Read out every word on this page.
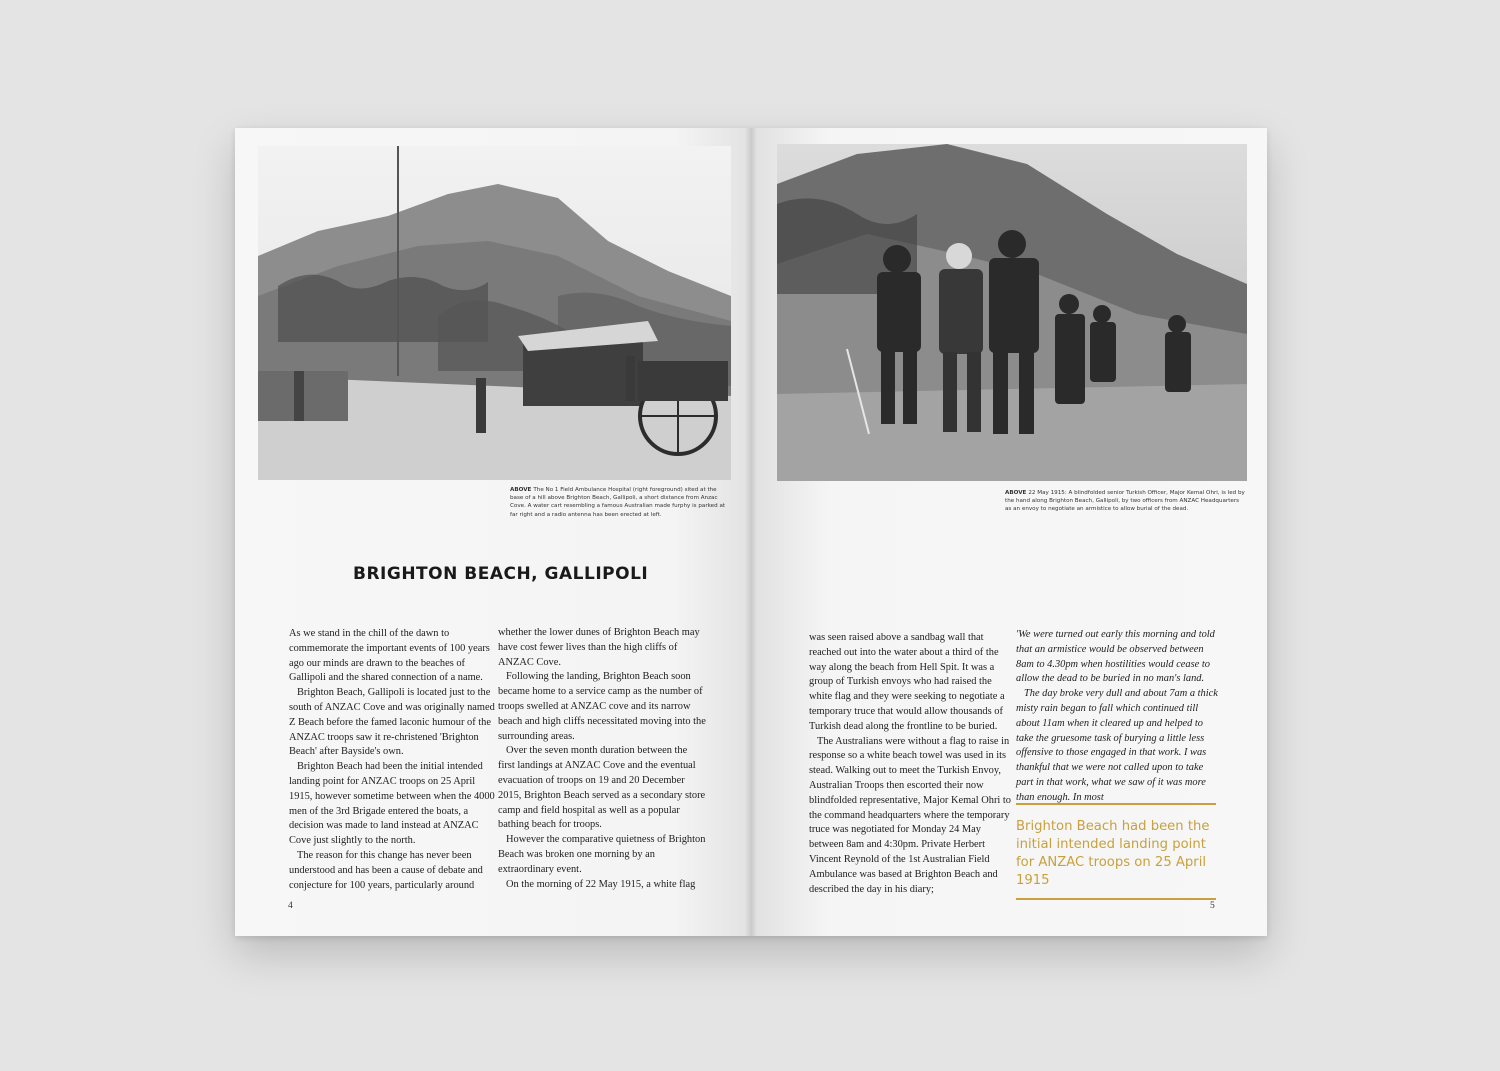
ABOVE The No 1 Field Ambulance Hospital (right foreground) sited at the base of a hill above Brighton Beach, Gallipoli, a short distance from Anzac Cove. A water cart resembling a famous Australian made furphy is parked at far right and a radio antenna has been erected at left.
BRIGHTON BEACH, GALLIPOLI

As we stand in the chill of the dawn to commemorate the important events of 100 years ago our minds are drawn to the beaches of Gallipoli and the shared connection of a name.

Brighton Beach, Gallipoli is located just to the south of ANZAC Cove and was originally named Z Beach before the famed laconic humour of the ANZAC troops saw it re-christened 'Brighton Beach' after Bayside's own.

Brighton Beach had been the initial intended landing point for ANZAC troops on 25 April 1915, however sometime between when the 4000 men of the 3rd Brigade entered the boats, a decision was made to land instead at ANZAC Cove just slightly to the north.

The reason for this change has never been understood and has been a cause of debate and conjecture for 100 years, particularly around

whether the lower dunes of Brighton Beach may have cost fewer lives than the high cliffs of ANZAC Cove.

Following the landing, Brighton Beach soon became home to a service camp as the number of troops swelled at ANZAC cove and its narrow beach and high cliffs necessitated moving into the surrounding areas.

Over the seven month duration between the first landings at ANZAC Cove and the eventual evacuation of troops on 19 and 20 December 2015, Brighton Beach served as a secondary store camp and field hospital as well as a popular bathing beach for troops.

However the comparative quietness of Brighton Beach was broken one morning by an extraordinary event.

On the morning of 22 May 1915, a white flag

4
ABOVE 22 May 1915: A blindfolded senior Turkish Officer, Major Kemal Ohri, is led by the hand along Brighton Beach, Gallipoli, by two officers from ANZAC Headquarters as an envoy to negotiate an armistice to allow burial of the dead.

was seen raised above a sandbag wall that reached out into the water about a third of the way along the beach from Hell Spit. It was a group of Turkish envoys who had raised the white flag and they were seeking to negotiate a temporary truce that would allow thousands of Turkish dead along the frontline to be buried.

The Australians were without a flag to raise in response so a white beach towel was used in its stead. Walking out to meet the Turkish Envoy, Australian Troops then escorted their now blindfolded representative, Major Kemal Ohri to the command headquarters where the temporary truce was negotiated for Monday 24 May between 8am and 4:30pm. Private Herbert Vincent Reynold of the 1st Australian Field Ambulance was based at Brighton Beach and described the day in his diary;

'We were turned out early this morning and told that an armistice would be observed between 8am to 4.30pm when hostilities would cease to allow the dead to be buried in no man's land.

The day broke very dull and about 7am a thick misty rain began to fall which continued till about 11am when it cleared up and helped to take the gruesome task of burying a little less offensive to those engaged in that work. I was thankful that we were not called upon to take part in that work, what we saw of it was more than enough. In most

Brighton Beach had been the initial intended landing point for ANZAC troops on 25 April 1915
5
